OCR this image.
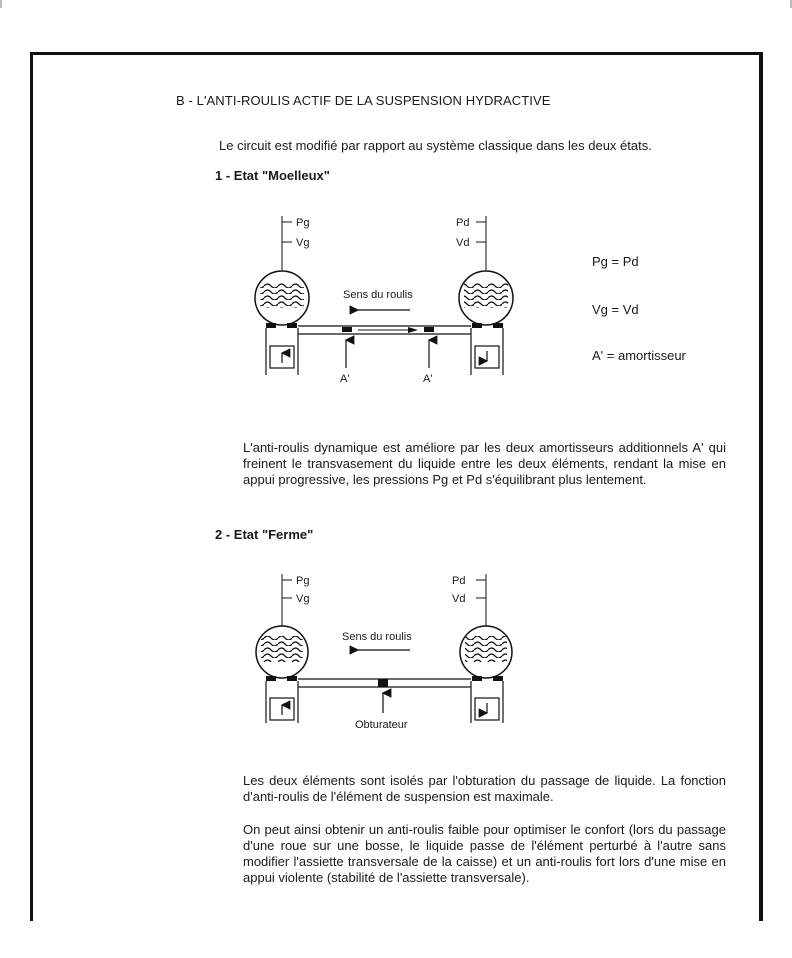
B - L'ANTI-ROULIS ACTIF DE LA SUSPENSION HYDRACTIVE
Le circuit est modifié par rapport au système classique dans les deux états.
1 - Etat "Moelleux"
Pg
Vg
Pd
Vd
Sens du roulis
A'	A'
Pg = Pd
Vg = Vd
A' = amortisseur
L'anti-roulis dynamique est améliore par les deux amortisseurs additionnels A' qui freinent le transvasement du liquide entre les deux éléments, rendant la mise en appui progressive, les pressions Pg et Pd s'équilibrant plus lentement.
2 - Etat "Ferme"
Pg
Vg
Pd
Vd
Sens du roulis
Obturateur
Les deux éléments sont isolés par l'obturation du passage de liquide. La fonction d'anti-roulis de l'élément de suspension est maximale.
On peut ainsi obtenir un anti-roulis faible pour optimiser le confort (lors du passage d'une roue sur une bosse, le liquide passe de l'élément perturbé à l'autre sans modifier l'assiette transversale de la caisse) et un anti-roulis fort lors d'une mise en appui violente (stabilité de l'assiette transversale).
